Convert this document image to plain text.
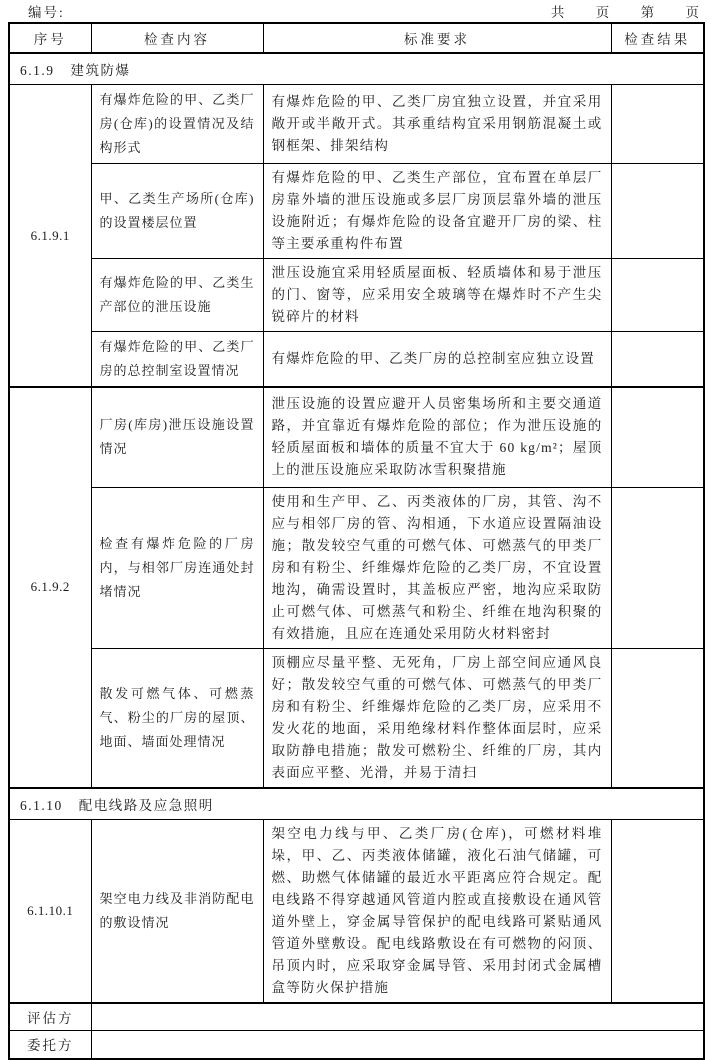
编号:	共 页 第 页
序号	检查内容	标准要求	检查结果
6.1.9 建筑防爆			
6.1.9.1	有爆炸危险的甲、乙类厂房(仓库)的设置情况及结构形式	有爆炸危险的甲、乙类厂房宜独立设置，并宜采用敞开或半敞开式。其承重结构宜采用钢筋混凝土或钢框架、排架结构	
	甲、乙类生产场所(仓库)的设置楼层位置	有爆炸危险的甲、乙类生产部位，宜布置在单层厂房靠外墙的泄压设施或多层厂房顶层靠外墙的泄压设施附近；有爆炸危险的设备宜避开厂房的梁、柱等主要承重构件布置	
	有爆炸危险的甲、乙类生产部位的泄压设施	泄压设施宜采用轻质屋面板、轻质墙体和易于泄压的门、窗等，应采用安全玻璃等在爆炸时不产生尖锐碎片的材料	
	有爆炸危险的甲、乙类厂房的总控制室设置情况	有爆炸危险的甲、乙类厂房的总控制室应独立设置	
6.1.9.2	厂房(库房)泄压设施设置情况	泄压设施的设置应避开人员密集场所和主要交通道路，并宜靠近有爆炸危险的部位；作为泄压设施的轻质屋面板和墙体的质量不宜大于 60 kg/m²；屋顶上的泄压设施应采取防冰雪积聚措施	
	检查有爆炸危险的厂房内，与相邻厂房连通处封堵情况	使用和生产甲、乙、丙类液体的厂房，其管、沟不应与相邻厂房的管、沟相通，下水道应设置隔油设施；散发较空气重的可燃气体、可燃蒸气的甲类厂房和有粉尘、纤维爆炸危险的乙类厂房，不宜设置地沟，确需设置时，其盖板应严密，地沟应采取防止可燃气体、可燃蒸气和粉尘、纤维在地沟积聚的有效措施，且应在连通处采用防火材料密封	
	散发可燃气体、可燃蒸气、粉尘的厂房的屋顶、地面、墙面处理情况	顶棚应尽量平整、无死角，厂房上部空间应通风良好；散发较空气重的可燃气体、可燃蒸气的甲类厂房和有粉尘、纤维爆炸危险的乙类厂房，应采用不发火花的地面，采用绝缘材料作整体面层时，应采取防静电措施；散发可燃粉尘、纤维的厂房，其内表面应平整、光滑，并易于清扫	
6.1.10 配电线路及应急照明			
6.1.10.1	架空电力线及非消防配电的敷设情况	架空电力线与甲、乙类厂房(仓库)，可燃材料堆垛，甲、乙、丙类液体储罐，液化石油气储罐，可燃、助燃气体储罐的最近水平距离应符合规定。配电线路不得穿越通风管道内腔或直接敷设在通风管道外壁上，穿金属导管保护的配电线路可紧贴通风管道外壁敷设。配电线路敷设在有可燃物的闷顶、吊顶内时，应采取穿金属导管、采用封闭式金属槽盒等防火保护措施	
评估方			
委托方			
